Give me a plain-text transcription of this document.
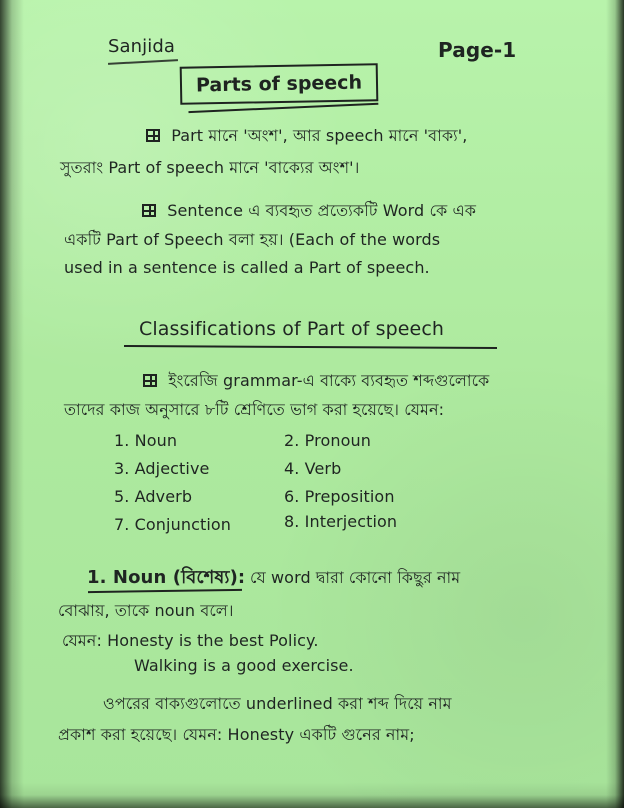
Sanjida	Page-1
Parts of speech
Part মানে 'অংশ', আর speech মানে 'বাক্য',
সুতরাং Part of speech মানে 'বাক্যের অংশ'।
Sentence এ ব্যবহৃত প্রত্যেকটি Word কে এক
একটি Part of Speech বলা হয়। (Each of the words
used in a sentence is called a Part of speech.
Classifications of Part of speech
ইংরেজি grammar-এ বাক্যে ব্যবহৃত শব্দগুলোকে
তাদের কাজ অনুসারে ৮টি শ্রেণিতে ভাগ করা হয়েছে। যেমন:
1. Noun	2. Pronoun
3. Adjective	4. Verb
5. Adverb	6. Preposition
7. Conjunction	8. Interjection
1. Noun (বিশেষ্য): যে word দ্বারা কোনো কিছুর নাম
বোঝায়, তাকে noun বলে।
যেমন: Honesty is the best Policy.
Walking is a good exercise.
ওপরের বাক্যগুলোতে underlined করা শব্দ দিয়ে নাম
প্রকাশ করা হয়েছে। যেমন: Honesty একটি গুনের নাম;
